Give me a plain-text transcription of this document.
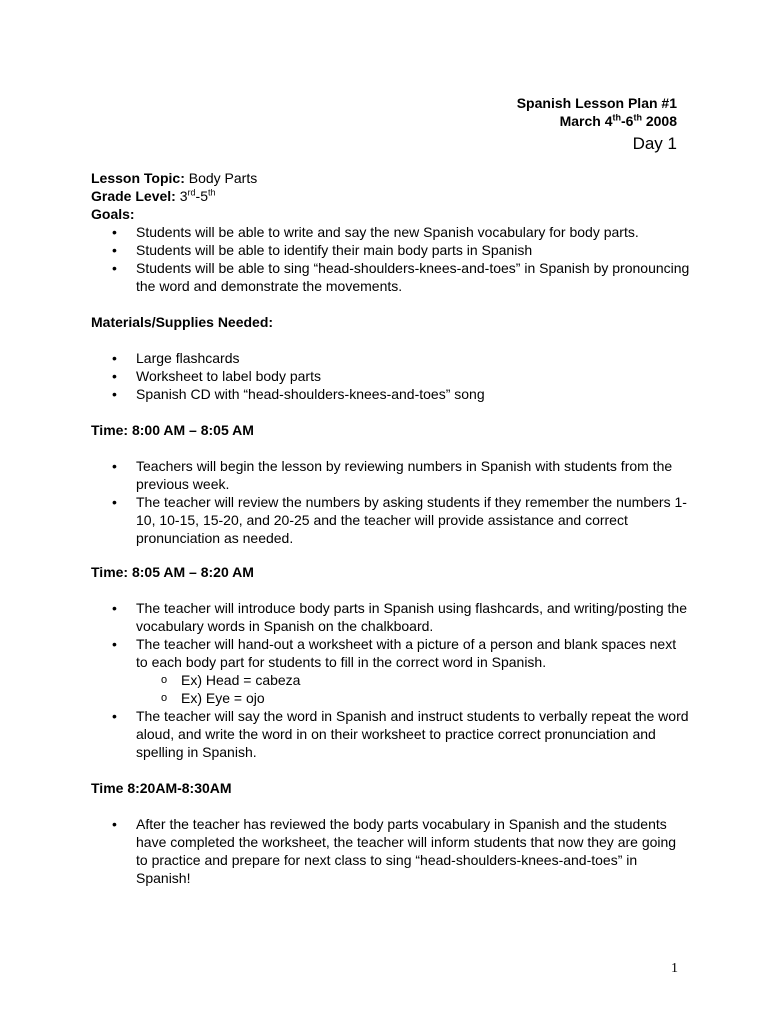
Spanish Lesson Plan #1
March 4th-6th 2008
Day 1
Lesson Topic: Body Parts
Grade Level: 3rd-5th
Goals:
• Students will be able to write and say the new Spanish vocabulary for body parts.
• Students will be able to identify their main body parts in Spanish
• Students will be able to sing “head-shoulders-knees-and-toes” in Spanish by pronouncing the word and demonstrate the movements.
Materials/Supplies Needed:
• Large flashcards
• Worksheet to label body parts
• Spanish CD with “head-shoulders-knees-and-toes” song
Time: 8:00 AM – 8:05 AM
• Teachers will begin the lesson by reviewing numbers in Spanish with students from the previous week.
• The teacher will review the numbers by asking students if they remember the numbers 1-10, 10-15, 15-20, and 20-25 and the teacher will provide assistance and correct pronunciation as needed.
Time: 8:05 AM – 8:20 AM
• The teacher will introduce body parts in Spanish using flashcards, and writing/posting the vocabulary words in Spanish on the chalkboard.
• The teacher will hand-out a worksheet with a picture of a person and blank spaces next to each body part for students to fill in the correct word in Spanish.
o Ex) Head = cabeza
o Ex) Eye = ojo
• The teacher will say the word in Spanish and instruct students to verbally repeat the word aloud, and write the word in on their worksheet to practice correct pronunciation and spelling in Spanish.
Time 8:20AM-8:30AM
• After the teacher has reviewed the body parts vocabulary in Spanish and the students have completed the worksheet, the teacher will inform students that now they are going to practice and prepare for next class to sing “head-shoulders-knees-and-toes” in Spanish!
1
